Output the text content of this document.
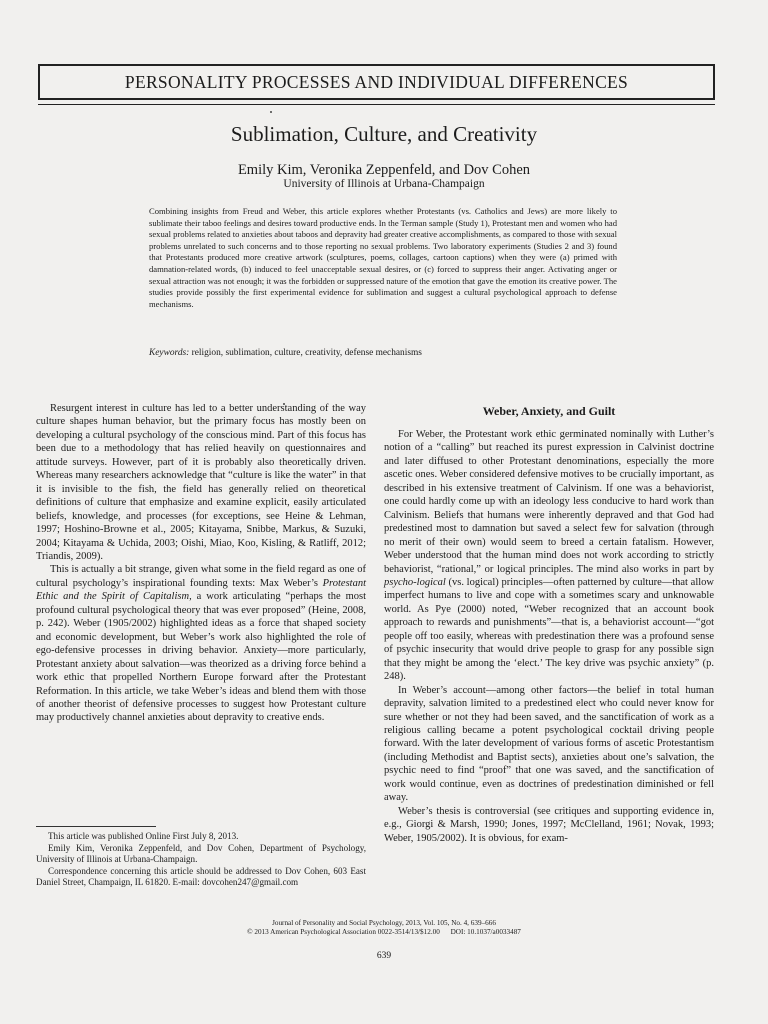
PERSONALITY PROCESSES AND INDIVIDUAL DIFFERENCES
Sublimation, Culture, and Creativity
Emily Kim, Veronika Zeppenfeld, and Dov Cohen
University of Illinois at Urbana-Champaign
Combining insights from Freud and Weber, this article explores whether Protestants (vs. Catholics and Jews) are more likely to sublimate their taboo feelings and desires toward productive ends. In the Terman sample (Study 1), Protestant men and women who had sexual problems related to anxieties about taboos and depravity had greater creative accomplishments, as compared to those with sexual problems unrelated to such concerns and to those reporting no sexual problems. Two laboratory experiments (Studies 2 and 3) found that Protestants produced more creative artwork (sculptures, poems, collages, cartoon captions) when they were (a) primed with damnation-related words, (b) induced to feel unacceptable sexual desires, or (c) forced to suppress their anger. Activating anger or sexual attraction was not enough; it was the forbidden or suppressed nature of the emotion that gave the emotion its creative power. The studies provide possibly the first experimental evidence for sublimation and suggest a cultural psychological approach to defense mechanisms.
Keywords: religion, sublimation, culture, creativity, defense mechanisms

Resurgent interest in culture has led to a better understanding of the way culture shapes human behavior, but the primary focus has mostly been on developing a cultural psychology of the conscious mind. Part of this focus has been due to a methodology that has relied heavily on questionnaires and attitude surveys. However, part of it is probably also theoretically driven. Whereas many researchers acknowledge that “culture is like the water” in that it is invisible to the fish, the field has generally relied on theoretical definitions of culture that emphasize and examine explicit, easily articulated beliefs, knowledge, and processes (for exceptions, see Heine & Lehman, 1997; Hoshino-Browne et al., 2005; Kitayama, Snibbe, Markus, & Suzuki, 2004; Kitayama & Uchida, 2003; Oishi, Miao, Koo, Kisling, & Ratliff, 2012; Triandis, 2009).

This is actually a bit strange, given what some in the field regard as one of cultural psychology’s inspirational founding texts: Max Weber’s Protestant Ethic and the Spirit of Capitalism, a work articulating “perhaps the most profound cultural psychological theory that was ever proposed” (Heine, 2008, p. 242). Weber (1905/2002) highlighted ideas as a force that shaped society and economic development, but Weber’s work also highlighted the role of ego-defensive processes in driving behavior. Anxiety—more particularly, Protestant anxiety about salvation—was theorized as a driving force behind a work ethic that propelled Northern Europe forward after the Protestant Reformation. In this article, we take Weber’s ideas and blend them with those of another theorist of defensive processes to suggest how Protestant culture may productively channel anxieties about depravity to creative ends.

Weber, Anxiety, and Guilt

For Weber, the Protestant work ethic germinated nominally with Luther’s notion of a “calling” but reached its purest expression in Calvinist doctrine and later diffused to other Protestant denominations, especially the more ascetic ones. Weber considered defensive motives to be crucially important, as described in his extensive treatment of Calvinism. If one was a behaviorist, one could hardly come up with an ideology less conducive to hard work than Calvinism. Beliefs that humans were inherently depraved and that God had predestined most to damnation but saved a select few for salvation (through no merit of their own) would seem to breed a certain fatalism. However, Weber understood that the human mind does not work according to strictly behaviorist, “rational,” or logical principles. The mind also works in part by psycho-logical (vs. logical) principles—often patterned by culture—that allow imperfect humans to live and cope with a sometimes scary and unknowable world. As Pye (2000) noted, “Weber recognized that an account book approach to rewards and punishments”—that is, a behaviorist account—“got people off too easily, whereas with predestination there was a profound sense of psychic insecurity that would drive people to grasp for any possible sign that they might be among the ‘elect.’ The key drive was psychic anxiety” (p. 248).

In Weber’s account—among other factors—the belief in total human depravity, salvation limited to a predestined elect who could never know for sure whether or not they had been saved, and the sanctification of work as a religious calling became a potent psychological cocktail driving people forward. With the later development of various forms of ascetic Protestantism (including Methodist and Baptist sects), anxieties about one’s salvation, the psychic need to find “proof” that one was saved, and the sanctification of work would continue, even as doctrines of predestination diminished or fell away.

Weber’s thesis is controversial (see critiques and supporting evidence in, e.g., Giorgi & Marsh, 1990; Jones, 1997; McClelland, 1961; Novak, 1993; Weber, 1905/2002). It is obvious, for exam-

This article was published Online First July 8, 2013.

Emily Kim, Veronika Zeppenfeld, and Dov Cohen, Department of Psychology, University of Illinois at Urbana-Champaign.

Correspondence concerning this article should be addressed to Dov Cohen, 603 East Daniel Street, Champaign, IL 61820. E-mail: dovcohen247@gmail.com

Journal of Personality and Social Psychology, 2013, Vol. 105, No. 4, 639–666
© 2013 American Psychological Association 0022-3514/13/$12.00      DOI: 10.1037/a0033487
639
